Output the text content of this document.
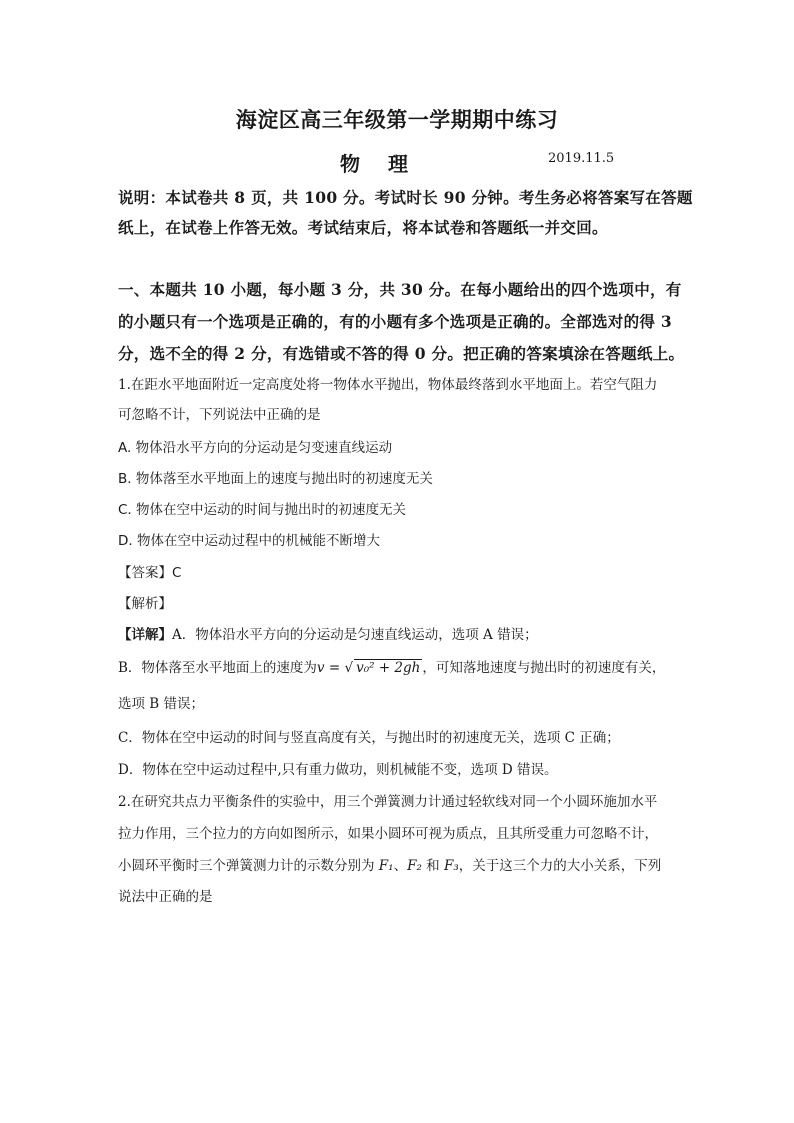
海淀区高三年级第一学期期中练习
物理	2019.11.5
说明：本试卷共 8 页，共 100 分。考试时长 90 分钟。考生务必将答案写在答题
纸上，在试卷上作答无效。考试结束后，将本试卷和答题纸一并交回。
一、本题共 10 小题，每小题 3 分，共 30 分。在每小题给出的四个选项中，有
的小题只有一个选项是正确的，有的小题有多个选项是正确的。全部选对的得 3
分，选不全的得 2 分，有选错或不答的得 0 分。把正确的答案填涂在答题纸上。
1.在距水平地面附近一定高度处将一物体水平抛出，物体最终落到水平地面上。若空气阻力
可忽略不计，下列说法中正确的是
A. 物体沿水平方向的分运动是匀变速直线运动
B. 物体落至水平地面上的速度与抛出时的初速度无关
C. 物体在空中运动的时间与抛出时的初速度无关
D. 物体在空中运动过程中的机械能不断增大
【答案】C
【解析】
【详解】A．物体沿水平方向的分运动是匀速直线运动，选项 A 错误；
B．物体落至水平地面上的速度为v = √ v₀² + 2gh ，可知落地速度与抛出时的初速度有关，
选项 B 错误；
C．物体在空中运动的时间与竖直高度有关，与抛出时的初速度无关，选项 C 正确；
D．物体在空中运动过程中,只有重力做功，则机械能不变，选项 D 错误。
2.在研究共点力平衡条件的实验中，用三个弹簧测力计通过轻软线对同一个小圆环施加水平
拉力作用，三个拉力的方向如图所示，如果小圆环可视为质点，且其所受重力可忽略不计，
小圆环平衡时三个弹簧测力计的示数分别为 F₁、F₂ 和 F₃，关于这三个力的大小关系，下列
说法中正确的是
